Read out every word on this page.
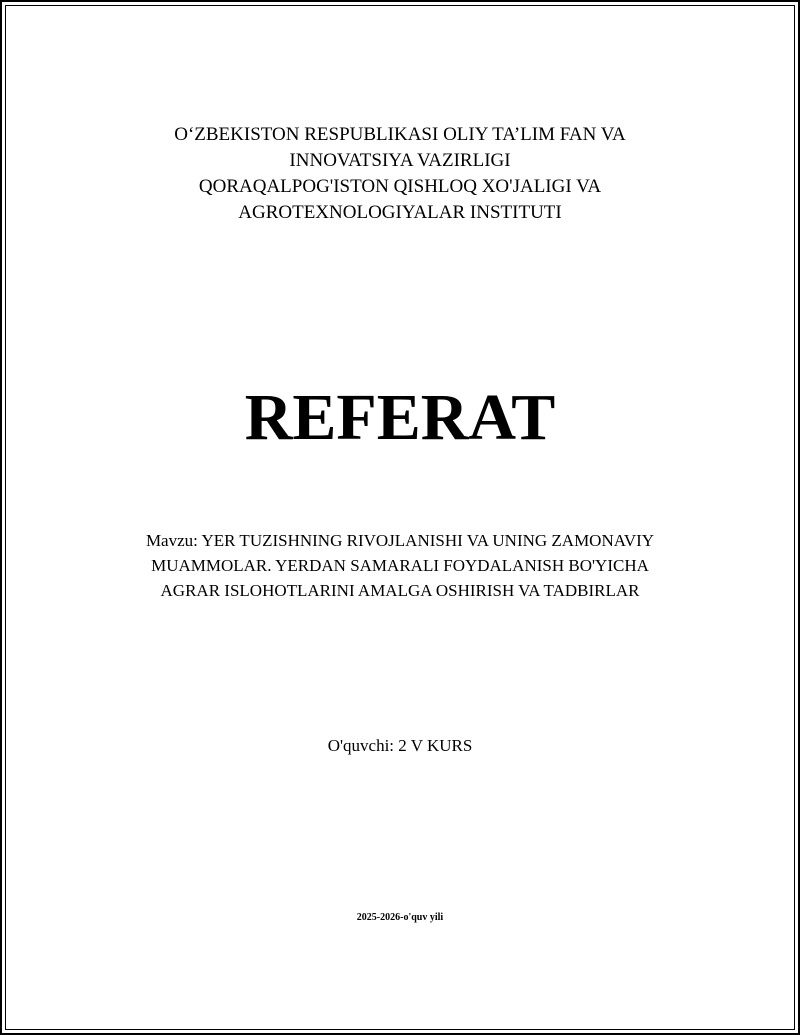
O‘ZBEKISTON RESPUBLIKASI OLIY TA’LIM FAN VA
INNOVATSIYA VAZIRLIGI
QORAQALPOG'ISTON QISHLOQ XO'JALIGI VA
AGROTEXNOLOGIYALAR INSTITUTI
REFERAT
Mavzu: YER TUZISHNING RIVOJLANISHI VA UNING ZAMONAVIY
MUAMMOLAR. YERDAN SAMARALI FOYDALANISH BO'YICHA
AGRAR ISLOHOTLARINI AMALGA OSHIRISH VA TADBIRLAR
O'quvchi: 2 V KURS
2025-2026-o'quv yili
